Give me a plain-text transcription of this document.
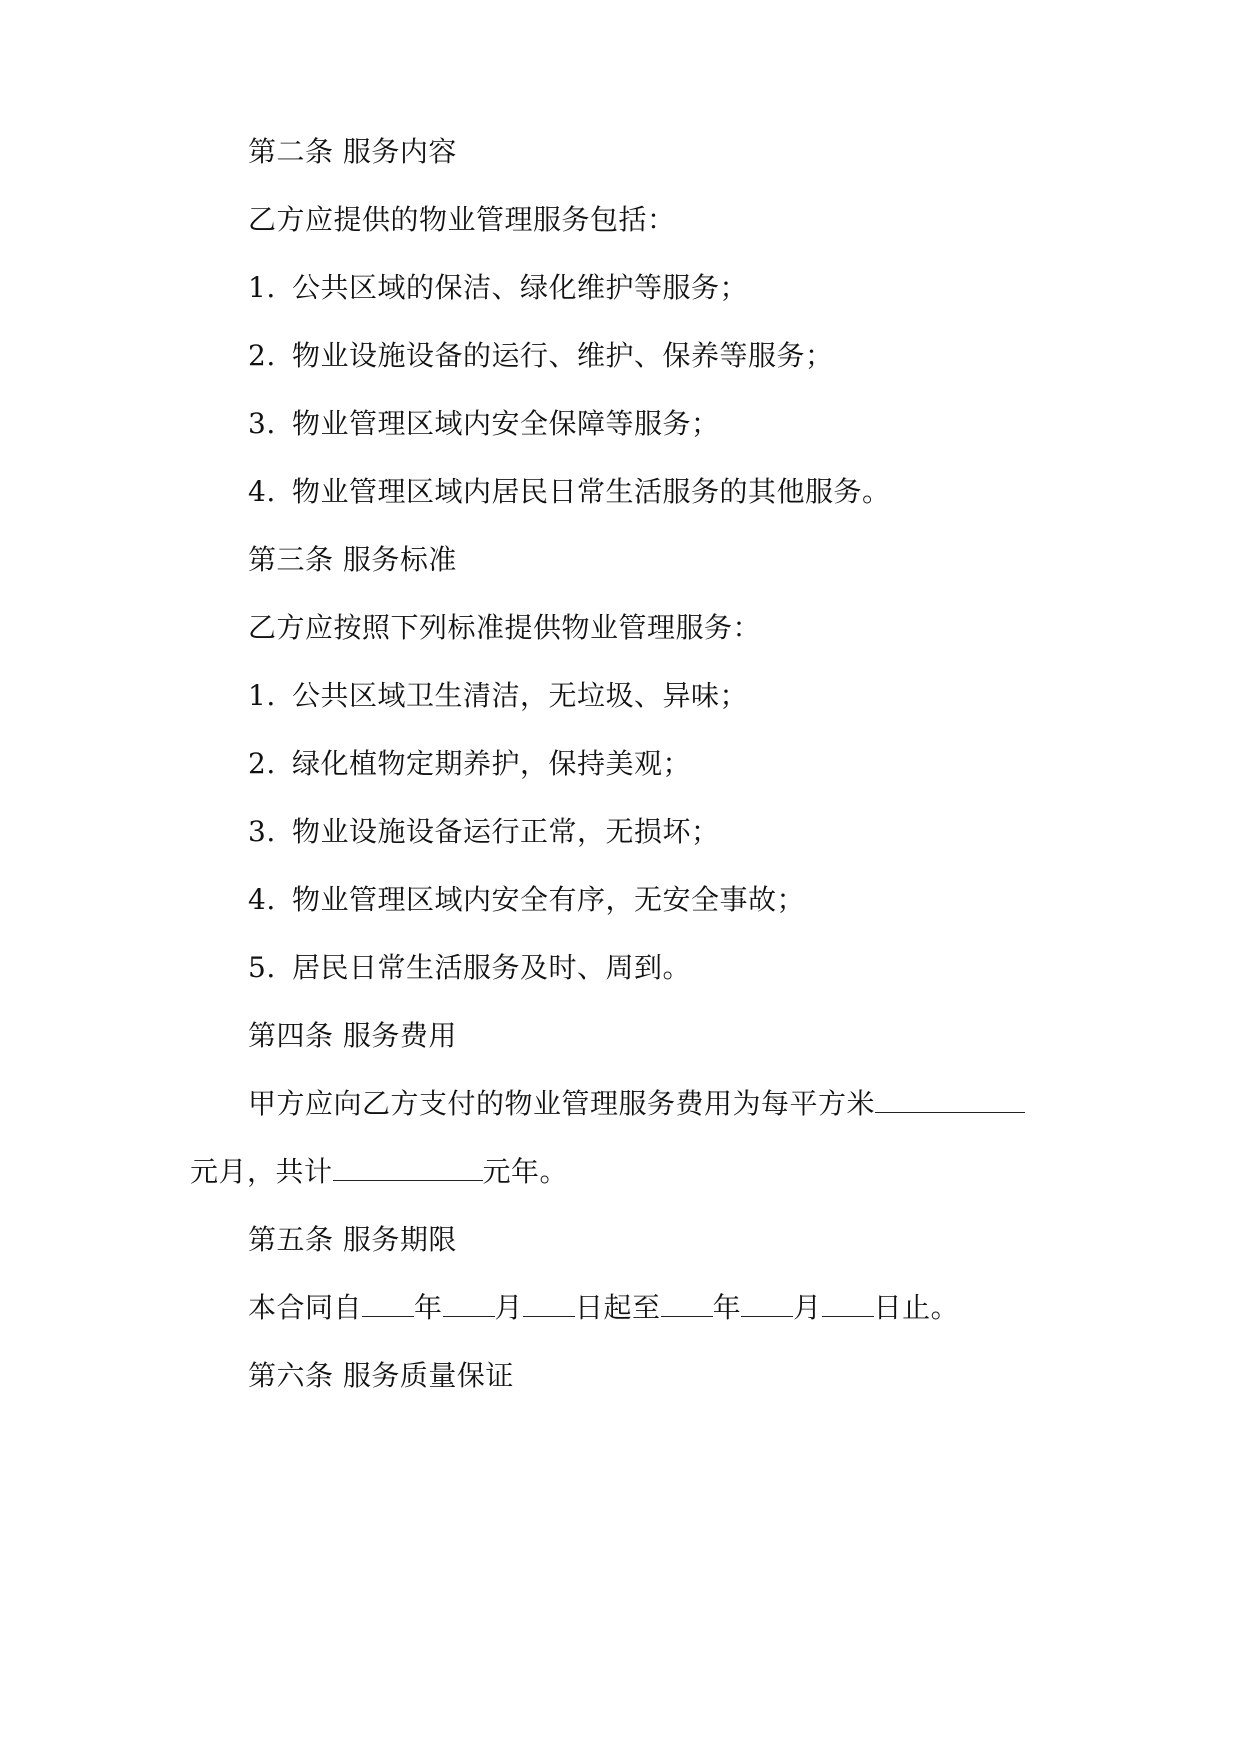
第二条 服务内容
乙方应提供的物业管理服务包括：
1. 公共区域的保洁、绿化维护等服务；
2. 物业设施设备的运行、维护、保养等服务；
3. 物业管理区域内安全保障等服务；
4. 物业管理区域内居民日常生活服务的其他服务。
第三条 服务标准
乙方应按照下列标准提供物业管理服务：
1. 公共区域卫生清洁，无垃圾、异味；
2. 绿化植物定期养护，保持美观；
3. 物业设施设备运行正常，无损坏；
4. 物业管理区域内安全有序，无安全事故；
5. 居民日常生活服务及时、周到。
第四条 服务费用
甲方应向乙方支付的物业管理服务费用为每平方米
元月，共计	元年。
第五条 服务期限
本合同自 年 月 日起至 年 月 日止。
第六条 服务质量保证
